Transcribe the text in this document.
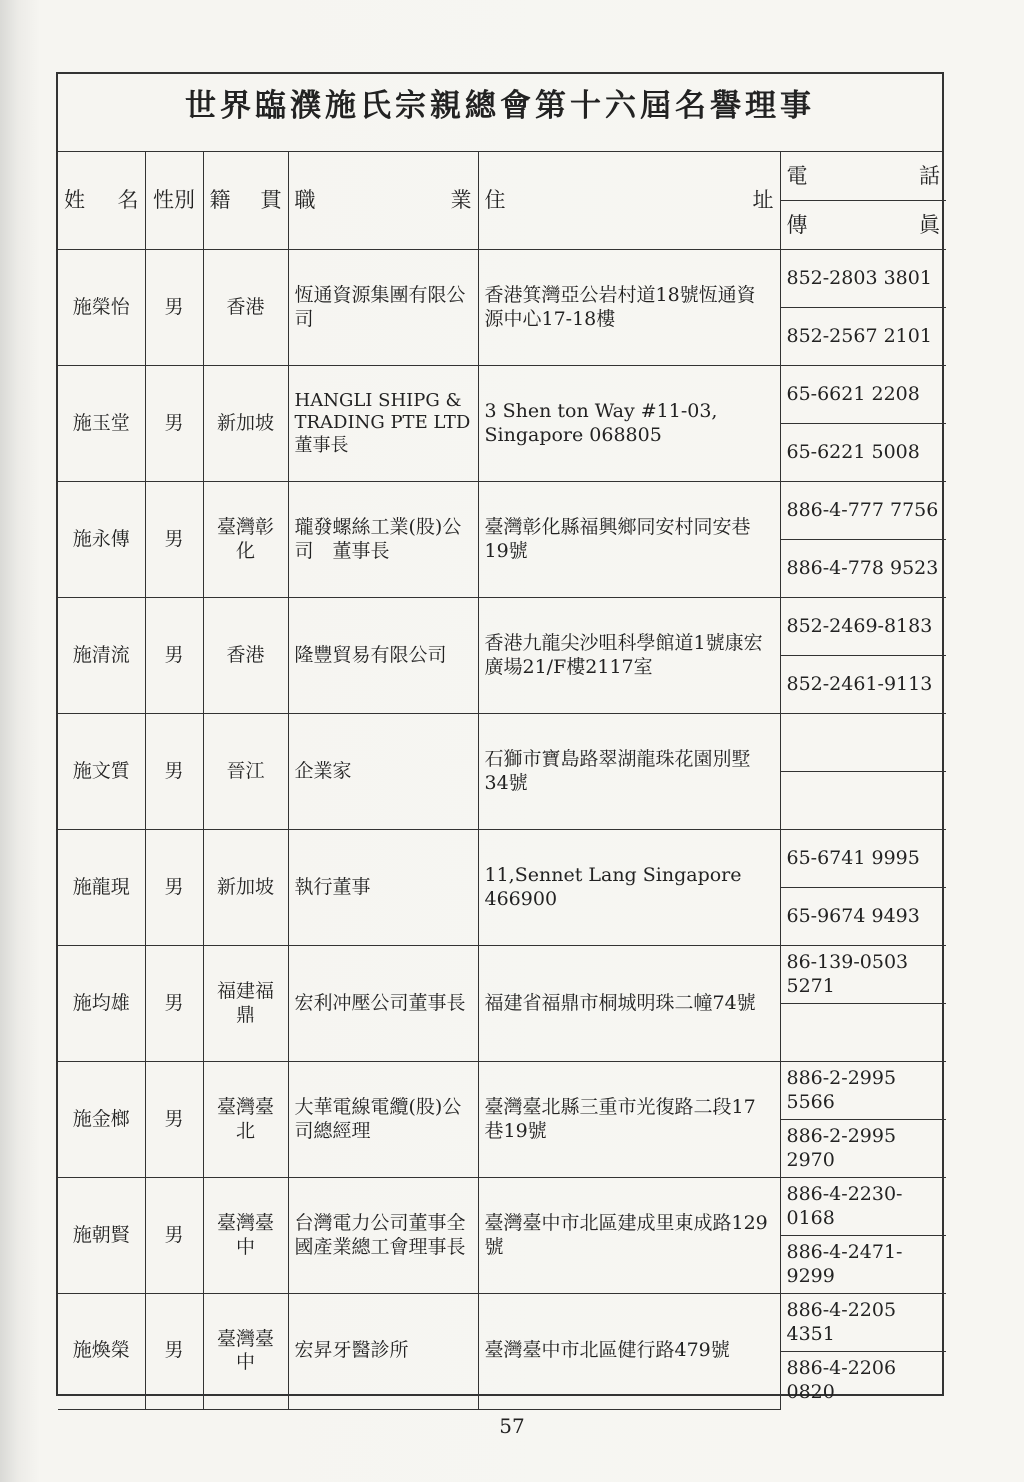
世界臨濮施氏宗親總會第十六屆名譽理事
姓 名	性別	籍 貫	職 業	住 址	電 話

					傳 眞

施榮怡	男	香港	恆通資源集團有限公司	香港箕灣亞公岩村道18號恆通資源中心17-18樓	852-2803 3801
					852-2567 2101
施玉堂	男	新加坡	HANGLI SHIPG & TRADING PTE LTD　董事長	3 Shen ton Way #11-03, Singapore 068805	65-6621 2208
					65-6221 5008
施永傳	男	臺灣彰化	瓏發螺絲工業(股)公司　董事長	臺灣彰化縣福興鄉同安村同安巷19號	886-4-777 7756
					886-4-778 9523
施清流	男	香港	隆豐貿易有限公司	香港九龍尖沙咀科學館道1號康宏廣場21/F樓2117室	852-2469-8183
					852-2461-9113
施文質	男	晉江	企業家	石獅市寶島路翠湖龍珠花園別墅34號	

施龍現	男	新加坡	執行董事	11,Sennet Lang Singapore 466900	65-6741 9995
					65-9674 9493
施均雄	男	福建福鼎	宏利冲壓公司董事長	福建省福鼎市桐城明珠二幢74號	86-139-0503 5271

施金榔	男	臺灣臺北	大華電線電纜(股)公司總經理	臺灣臺北縣三重市光復路二段17巷19號	886-2-2995 5566
					886-2-2995 2970
施朝賢	男	臺灣臺中	台灣電力公司董事全國產業總工會理事長	臺灣臺中市北區建成里東成路129號	886-4-2230-0168
					886-4-2471-9299
施煥榮	男	臺灣臺中	宏昇牙醫診所	臺灣臺中市北區健行路479號	886-4-2205 4351
					886-4-2206 0820
57
